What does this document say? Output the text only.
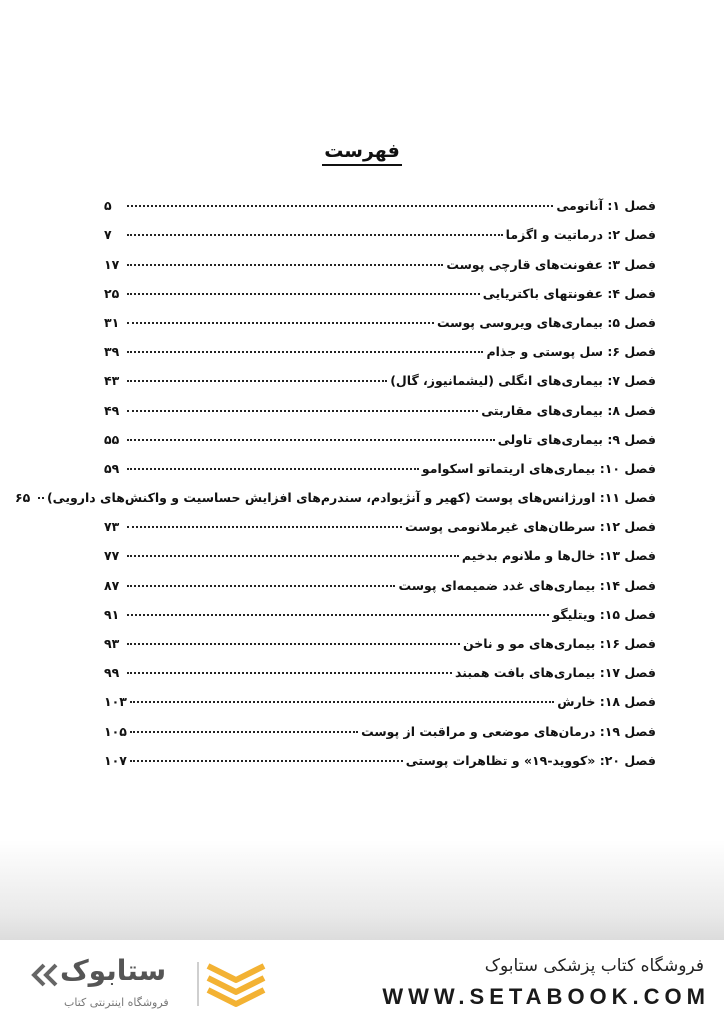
فهرست
فصل ۱: آناتومی
۵
فصل ۲: درماتیت و اگزما
۷
فصل ۳: عفونت‌های قارچی پوست
۱۷
فصل ۴: عفونتهای باکتریایی
۲۵
فصل ۵: بیماری‌های ویروسی پوست
۳۱
فصل ۶: سل پوستی و جذام
۳۹
فصل ۷: بیماری‌های انگلی (لیشمانیوز، گال)
۴۳
فصل ۸: بیماری‌های مقاربتی
۴۹
فصل ۹: بیماری‌های تاولی
۵۵
فصل ۱۰: بیماری‌های اریتماتو اسکوامو
۵۹
فصل ۱۱: اورژانس‌های پوست (کهیر و آنژیوادم، سندرم‌های افزایش حساسیت و واکنش‌های دارویی)
۶۵
فصل ۱۲: سرطان‌های غیرملانومی پوست
۷۳
فصل ۱۳: خال‌ها و ملانوم بدخیم
۷۷
فصل ۱۴: بیماری‌های غدد ضمیمه‌ای پوست
۸۷
فصل ۱۵: ویتلیگو
۹۱
فصل ۱۶: بیماری‌های مو و ناخن
۹۳
فصل ۱۷: بیماری‌های بافت همبند
۹۹
فصل ۱۸: خارش
۱۰۳
فصل ۱۹: درمان‌های موضعی و مراقبت از پوست
۱۰۵
فصل ۲۰: «کووید-۱۹» و تظاهرات پوستی
۱۰۷
ستابوک
فروشگاه اینترنتی کتاب
فروشگاه کتاب پزشکی ستابوک
WWW.SETABOOK.COM
